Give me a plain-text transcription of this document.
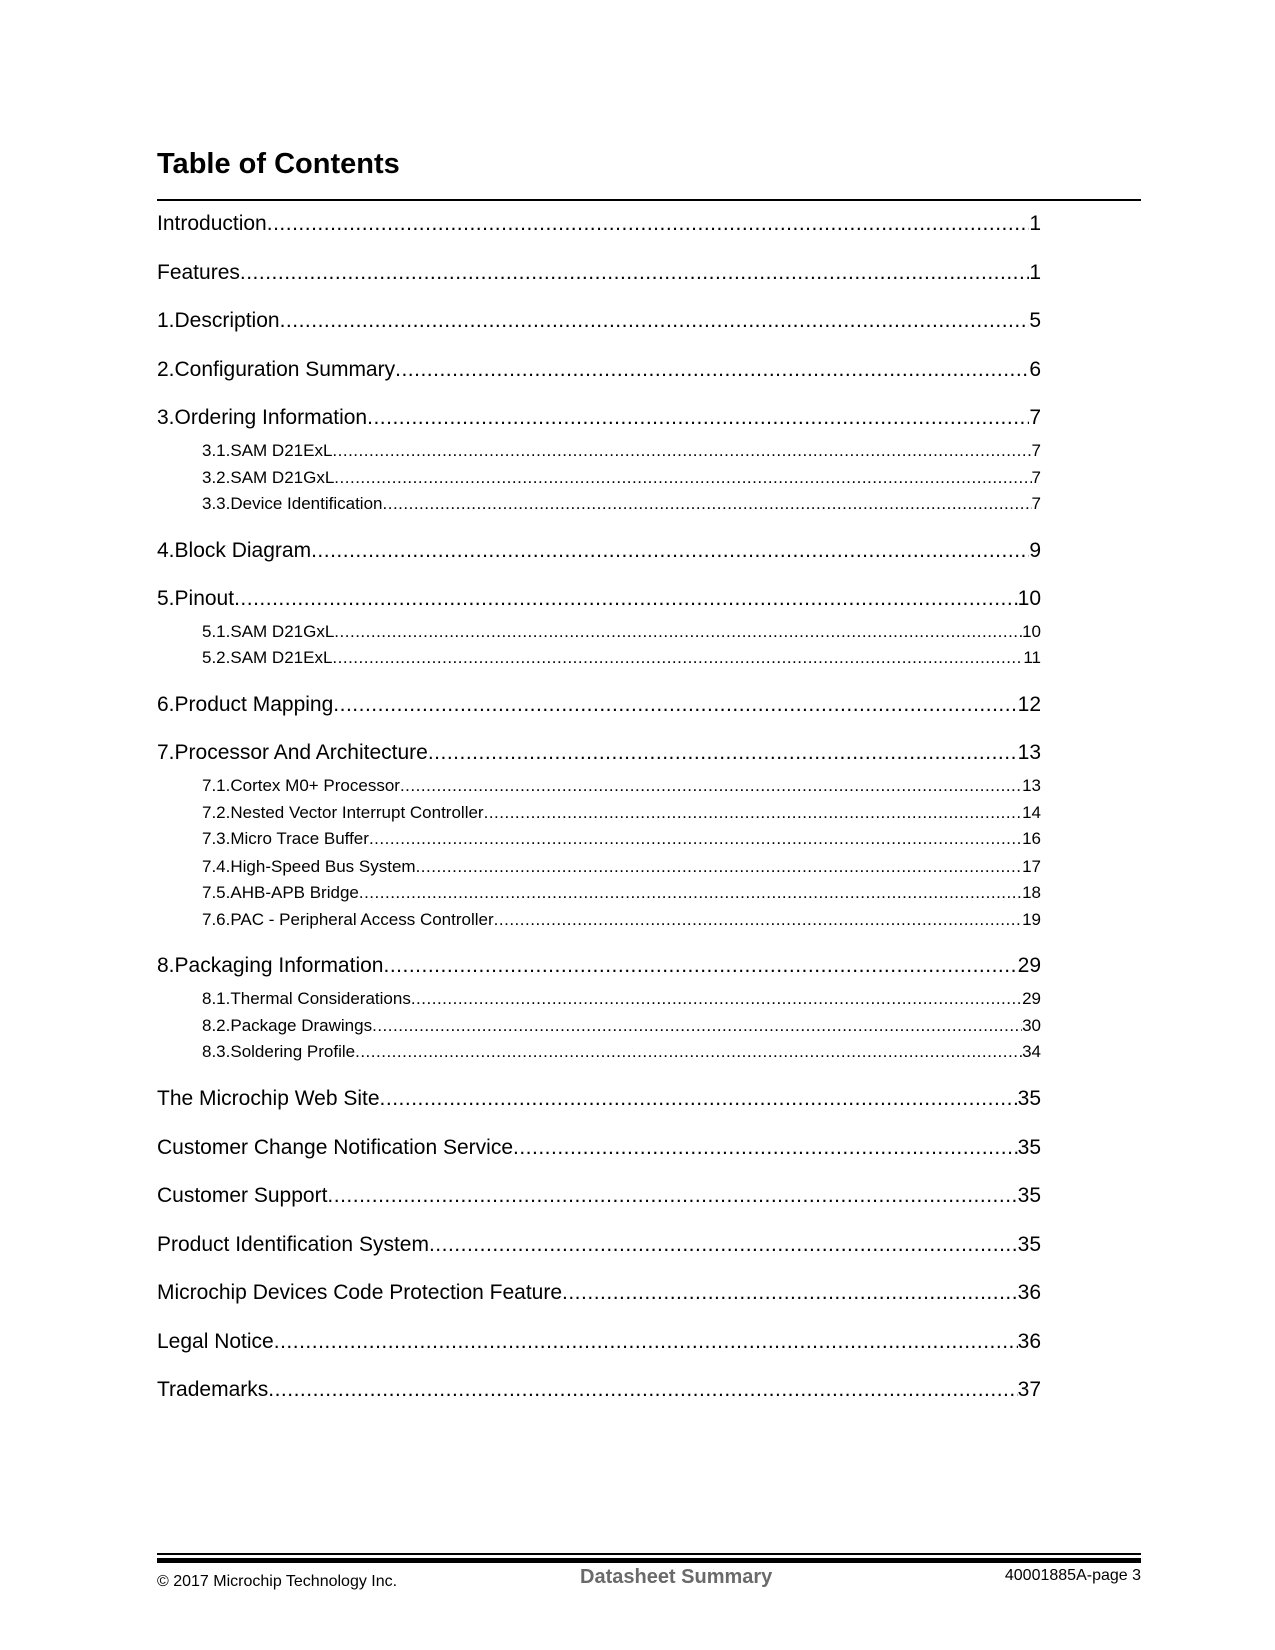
Table of Contents
Introduction .....	1
Features .....	1
1. Description .....	5
2. Configuration Summary .....	6
3. Ordering Information .....	7
3.1. SAM D21ExL .....	7
3.2. SAM D21GxL .....	7
3.3. Device Identification .....	7
4. Block Diagram .....	9
5. Pinout .....	10
5.1. SAM D21GxL .....	10
5.2. SAM D21ExL .....	11
6. Product Mapping .....	12
7. Processor And Architecture .....	13
7.1. Cortex M0+ Processor .....	13
7.2. Nested Vector Interrupt Controller .....	14
7.3. Micro Trace Buffer .....	16
7.4. High-Speed Bus System .....	17
7.5. AHB-APB Bridge .....	18
7.6. PAC - Peripheral Access Controller .....	19
8. Packaging Information .....	29
8.1. Thermal Considerations .....	29
8.2. Package Drawings .....	30
8.3. Soldering Profile .....	34
The Microchip Web Site .....	35
Customer Change Notification Service .....	35
Customer Support .....	35
Product Identification System .....	35
Microchip Devices Code Protection Feature .....	36
Legal Notice .....	36
Trademarks .....	37
© 2017 Microchip Technology Inc.	Datasheet Summary	40001885A-page 3
